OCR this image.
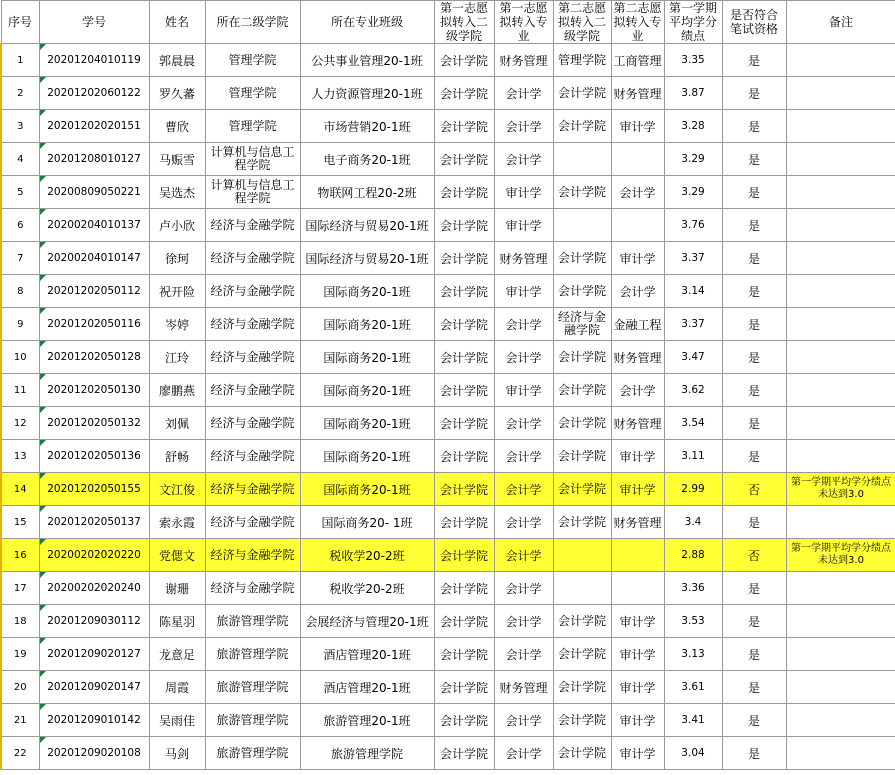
序号	学号	姓名	所在二级学院	所在专业班级	第一志愿拟转入二级学院	第一志愿拟转入专业	第二志愿拟转入二级学院	第二志愿拟转入专业	第一学期平均学分绩点	是否符合笔试资格	备注
1	20201204010119	郭晨晨	管理学院	公共事业管理20-1班	会计学院	财务管理	管理学院	工商管理	3.35	是	
2	20201202060122	罗久蕃	管理学院	人力资源管理20-1班	会计学院	会计学	会计学院	财务管理	3.87	是	
3	20201202020151	曹欣	管理学院	市场营销20-1班	会计学院	会计学	会计学院	审计学	3.28	是	
4	20201208010127	马赈雪	计算机与信息工程学院	电子商务20-1班	会计学院	会计学			3.29	是	
5	20200809050221	吴选杰	计算机与信息工程学院	物联网工程20-2班	会计学院	审计学	会计学院	会计学	3.29	是	
6	20200204010137	卢小欣	经济与金融学院	国际经济与贸易20-1班	会计学院	审计学			3.76	是	
7	20200204010147	徐珂	经济与金融学院	国际经济与贸易20-1班	会计学院	财务管理	会计学院	审计学	3.37	是	
8	20201202050112	祝开险	经济与金融学院	国际商务20-1班	会计学院	审计学	会计学院	会计学	3.14	是	
9	20201202050116	岑婷	经济与金融学院	国际商务20-1班	会计学院	会计学	经济与金融学院	金融工程	3.37	是	
10	20201202050128	江玲	经济与金融学院	国际商务20-1班	会计学院	会计学	会计学院	财务管理	3.47	是	
11	20201202050130	廖鹏燕	经济与金融学院	国际商务20-1班	会计学院	审计学	会计学院	会计学	3.62	是	
12	20201202050132	刘佩	经济与金融学院	国际商务20-1班	会计学院	会计学	会计学院	财务管理	3.54	是	
13	20201202050136	舒畅	经济与金融学院	国际商务20-1班	会计学院	会计学	会计学院	审计学	3.11	是	
14	20201202050155	文江俊	经济与金融学院	国际商务20-1班	会计学院	会计学	会计学院	审计学	2.99	否	第一学期平均学分绩点未达到3.0
15	20201202050137	索永霞	经济与金融学院	国际商务20- 1班	会计学院	会计学	会计学院	财务管理	3.4	是	
16	20200202020220	党偲文	经济与金融学院	税收学20-2班	会计学院	会计学			2.88	否	第一学期平均学分绩点未达到3.0
17	20200202020240	谢珊	经济与金融学院	税收学20-2班	会计学院	会计学			3.36	是	
18	20201209030112	陈星羽	旅游管理学院	会展经济与管理20-1班	会计学院	会计学	会计学院	审计学	3.53	是	
19	20201209020127	龙意足	旅游管理学院	酒店管理20-1班	会计学院	会计学	会计学院	审计学	3.13	是	
20	20201209020147	周霞	旅游管理学院	酒店管理20-1班	会计学院	财务管理	会计学院	审计学	3.61	是	
21	20201209010142	吴雨佳	旅游管理学院	旅游管理20-1班	会计学院	会计学	会计学院	审计学	3.41	是	
22	20201209020108	马剑	旅游管理学院	旅游管理学院	会计学院	会计学	会计学院	审计学	3.04	是	
